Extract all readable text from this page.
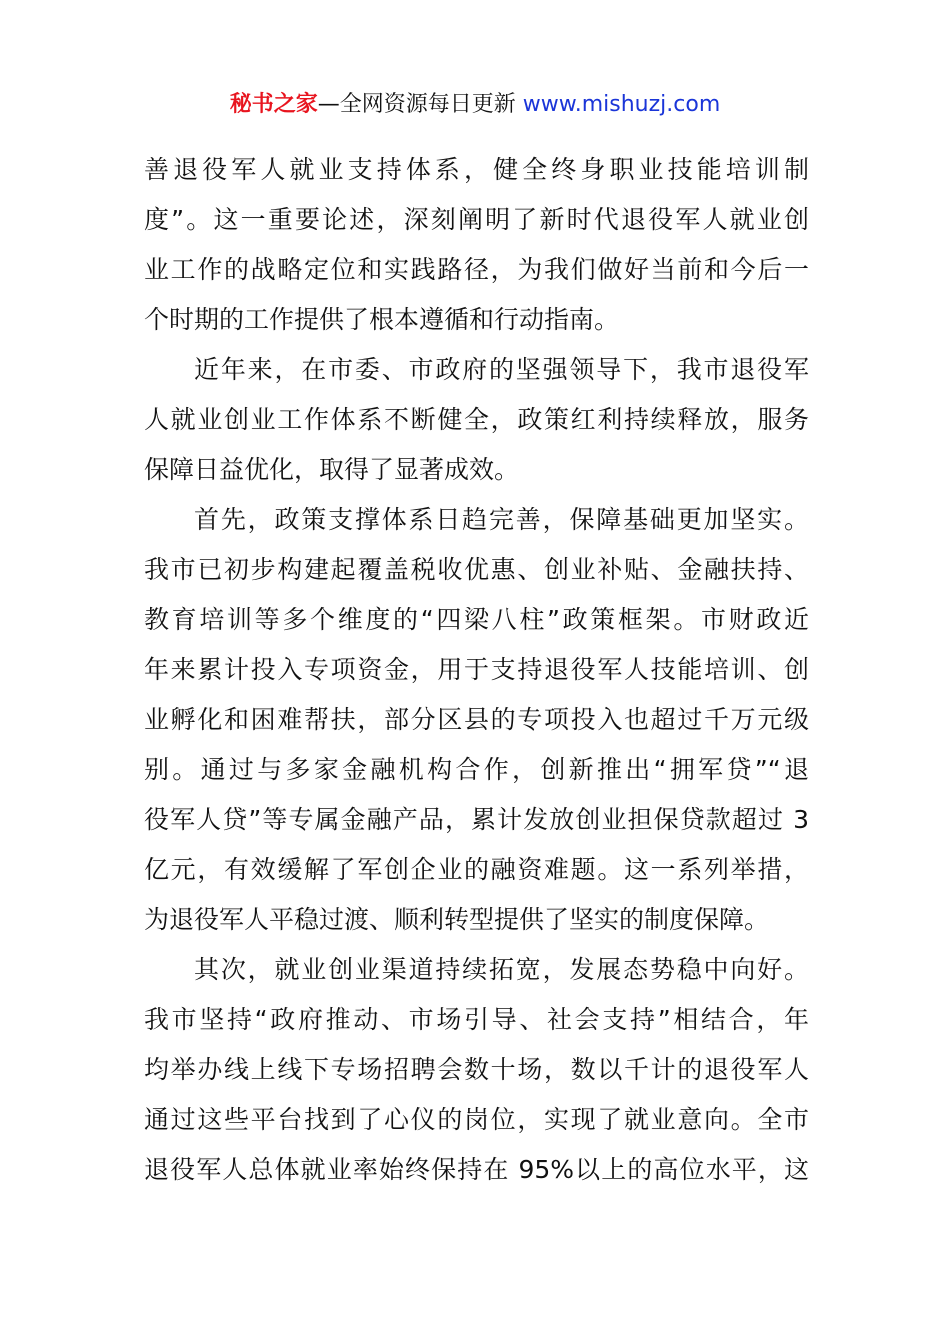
秘书之家—全网资源每日更新 www.mishuzj.com
善退役军人就业支持体系，健全终身职业技能培训制
度”。这一重要论述，深刻阐明了新时代退役军人就业创
业工作的战略定位和实践路径，为我们做好当前和今后一
个时期的工作提供了根本遵循和行动指南。
近年来，在市委、市政府的坚强领导下，我市退役军
人就业创业工作体系不断健全，政策红利持续释放，服务
保障日益优化，取得了显著成效。
首先，政策支撑体系日趋完善，保障基础更加坚实。
我市已初步构建起覆盖税收优惠、创业补贴、金融扶持、
教育培训等多个维度的“四梁八柱”政策框架。市财政近
年来累计投入专项资金，用于支持退役军人技能培训、创
业孵化和困难帮扶，部分区县的专项投入也超过千万元级
别。通过与多家金融机构合作，创新推出“拥军贷”“退
役军人贷”等专属金融产品，累计发放创业担保贷款超过 3
亿元，有效缓解了军创企业的融资难题。这一系列举措，
为退役军人平稳过渡、顺利转型提供了坚实的制度保障。
其次，就业创业渠道持续拓宽，发展态势稳中向好。
我市坚持“政府推动、市场引导、社会支持”相结合，年
均举办线上线下专场招聘会数十场，数以千计的退役军人
通过这些平台找到了心仪的岗位，实现了就业意向。全市
退役军人总体就业率始终保持在 95%以上的高位水平，这
